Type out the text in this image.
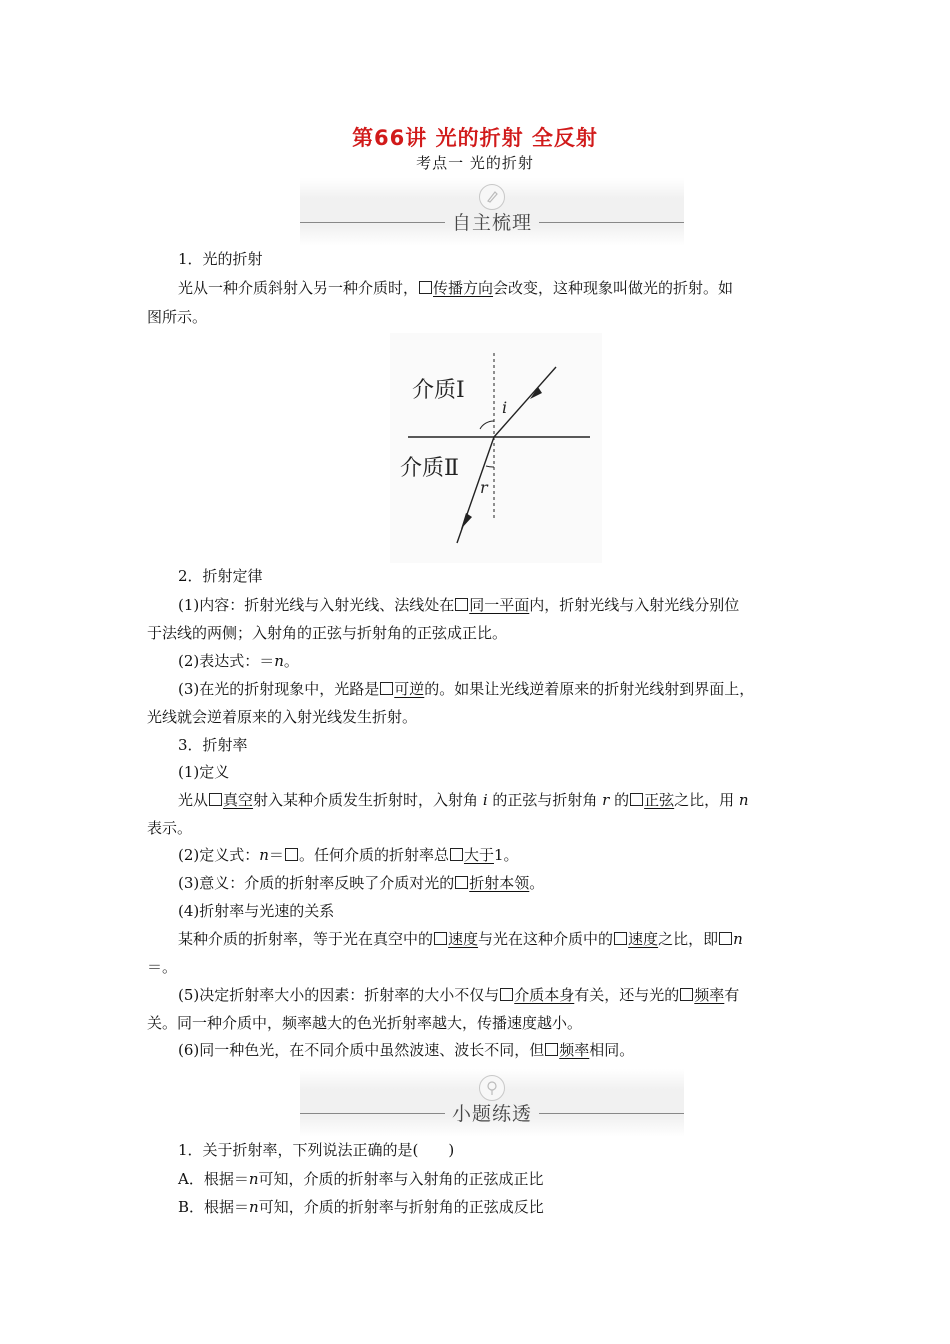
第66讲 光的折射 全反射
考点一 光的折射
自主梳理
1．光的折射
光从一种介质斜射入另一种介质时， 传播方向会改变，这种现象叫做光的折射。如
图所示。
介质Ⅰ
i
介质Ⅱ
r
2．折射定律
(1)内容：折射光线与入射光线、法线处在 同一平面内，折射光线与入射光线分别位
于法线的两侧；入射角的正弦与折射角的正弦成正比。
(2)表达式：＝n。
(3)在光的折射现象中，光路是 可逆的。如果让光线逆着原来的折射光线射到界面上，
光线就会逆着原来的入射光线发生折射。
3．折射率
(1)定义
光从 真空射入某种介质发生折射时，入射角 i 的正弦与折射角 r 的 正弦之比，用 n
表示。
(2)定义式：n＝ 。任何介质的折射率总 大于1。
(3)意义：介质的折射率反映了介质对光的 折射本领。
(4)折射率与光速的关系
某种介质的折射率，等于光在真空中的 速度与光在这种介质中的 速度之比，即 n
＝。
(5)决定折射率大小的因素：折射率的大小不仅与 介质本身有关，还与光的 频率有
关。同一种介质中，频率越大的色光折射率越大，传播速度越小。
(6)同一种色光，在不同介质中虽然波速、波长不同，但 频率相同。
小题练透
1．关于折射率，下列说法正确的是(　　)
A．根据＝n可知，介质的折射率与入射角的正弦成正比
B．根据＝n可知，介质的折射率与折射角的正弦成反比
